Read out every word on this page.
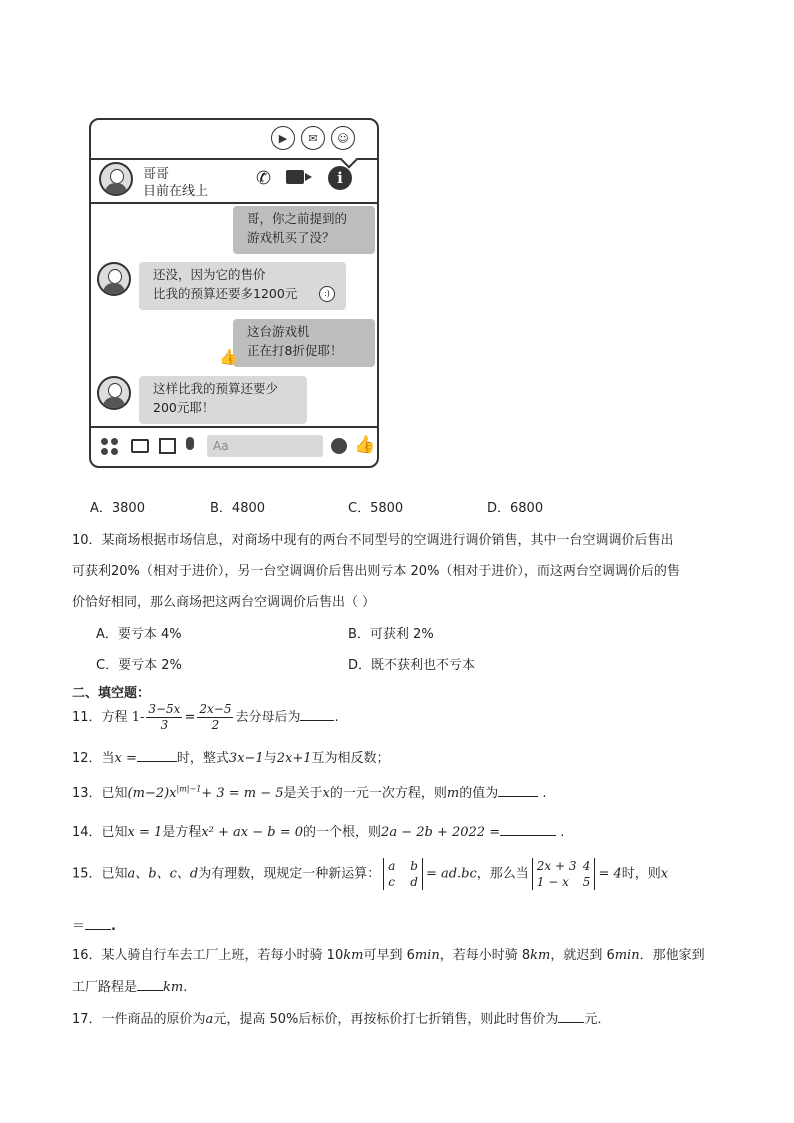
▶	✉	☺
哥哥
目前在线上
✆	i
哥，你之前提到的
游戏机买了没？
还没，因为它的售价
比我的预算还要多1200元	:)
这台游戏机
正在打8折促耶！
👍
这样比我的预算还要少
200元耶！
Aa	👍
A．3800	B．4800	C．5800	D．6800
10．某商场根据市场信息，对商场中现有的两台不同型号的空调进行调价销售，其中一台空调调价后售出
可获利20%（相对于进价），另一台空调调价后售出则亏本 20%（相对于进价），而这两台空调调价后的售
价恰好相同，那么商场把这两台空调调价后售出（ ）
A．要亏本 4%	B．可获利 2%
C．要亏本 2%	D．既不获利也不亏本
二、填空题：
11．方程 $1- \frac{3-5x}{3} = \frac{2x-5}{2}$ 去分母后为	.
12．当x =	时，整式3x−1与2x+1互为相反数；
13．已知$(m-2)x^{|m|-1}+ 3 = m - 5$是关于x的一元一次方程，则m的值为	.
14．已知x = 1是方程x² + ax − b = 0的一个根，则2a − 2b + 2022 =	.
15．已知a、b、c、d为有理数，现规定一种新运算：
a b
c d
= ad.bc，那么当
2x + 3 4
1 − x 5
= 4时，则x
＝ .
16．某人骑自行车去工厂上班，若每小时骑 10km可早到 6min，若每小时骑 8km，就迟到 6min．那他家到
工厂路程是 km.
17．一件商品的原价为a元，提高 50%后标价，再按标价打七折销售，则此时售价为 元．
